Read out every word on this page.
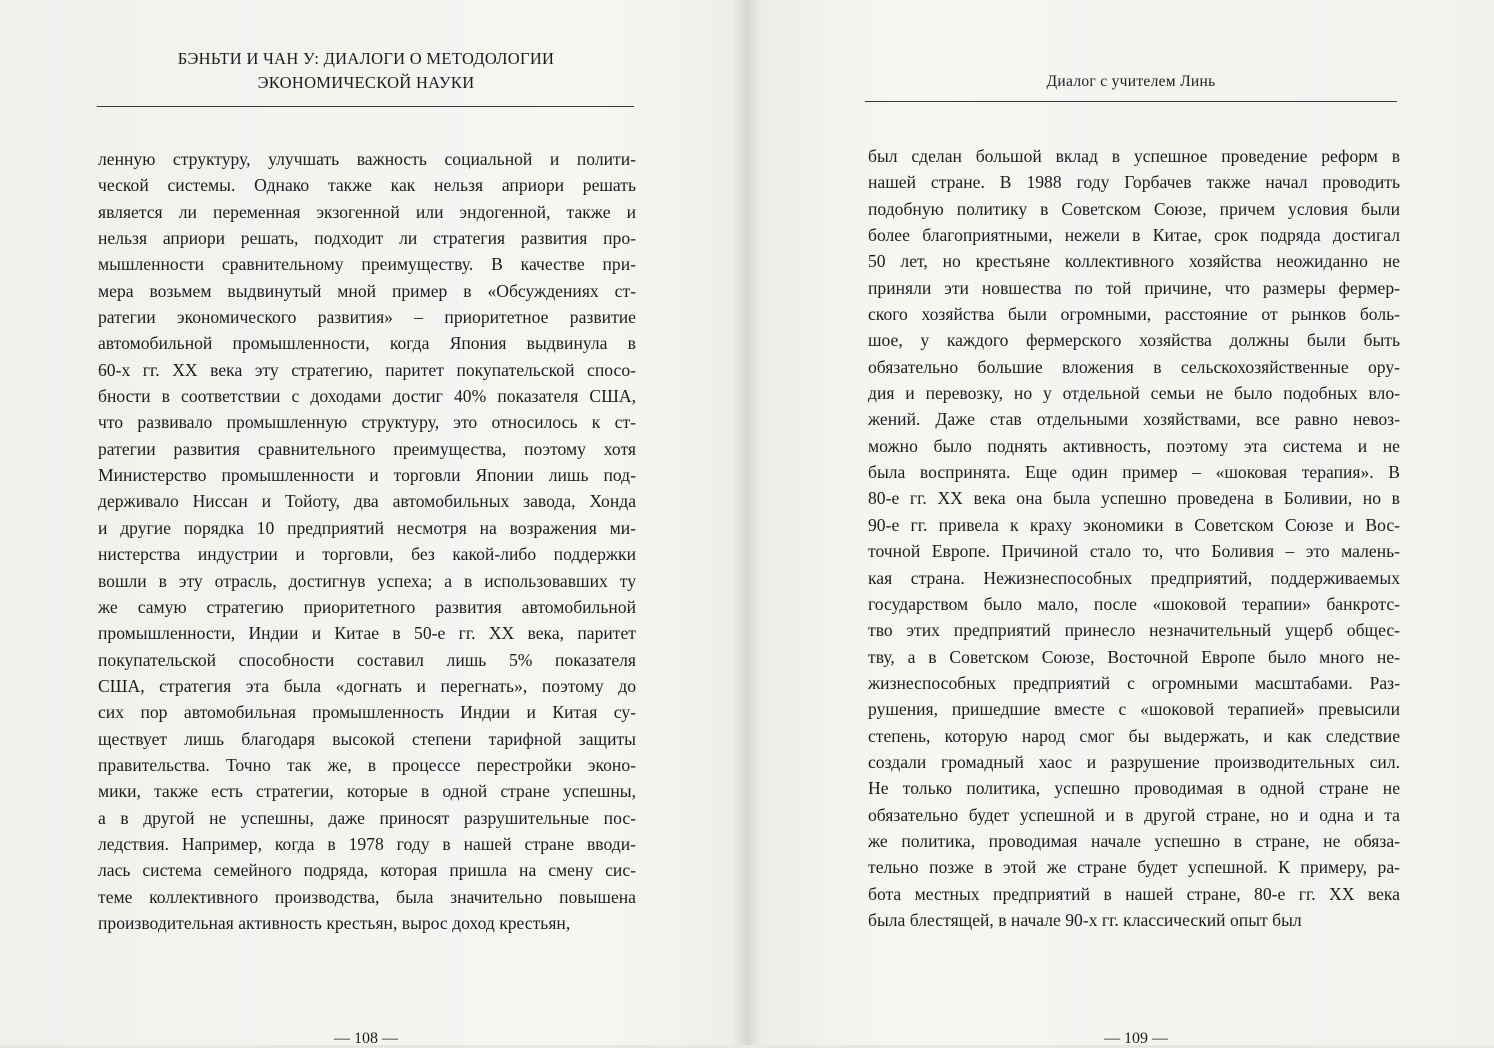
БЭНЬТИ И ЧАН У: ДИАЛОГИ О МЕТОДОЛОГИИ
ЭКОНОМИЧЕСКОЙ НАУКИ
ленную структуру, улучшать важность социальной и полити-
ческой системы. Однако также как нельзя априори решать
является ли переменная экзогенной или эндогенной, также и
нельзя априори решать, подходит ли стратегия развития про-
мышленности сравнительному преимуществу. В качестве при-
мера возьмем выдвинутый мной пример в «Обсуждениях ст-
ратегии экономического развития» – приоритетное развитие
автомобильной промышленности, когда Япония выдвинула в
60-х гг. XX века эту стратегию, паритет покупательской спосо-
бности в соответствии с доходами достиг 40% показателя США,
что развивало промышленную структуру, это относилось к ст-
ратегии развития сравнительного преимущества, поэтому хотя
Министерство промышленности и торговли Японии лишь под-
держивало Ниссан и Тойоту, два автомобильных завода, Хонда
и другие порядка 10 предприятий несмотря на возражения ми-
нистерства индустрии и торговли, без какой-либо поддержки
вошли в эту отрасль, достигнув успеха; а в использовавших ту
же самую стратегию приоритетного развития автомобильной
промышленности, Индии и Китае в 50-е гг. XX века, паритет
покупательской способности составил лишь 5% показателя
США, стратегия эта была «догнать и перегнать», поэтому до
сих пор автомобильная промышленность Индии и Китая су-
ществует лишь благодаря высокой степени тарифной защиты
правительства. Точно так же, в процессе перестройки эконо-
мики, также есть стратегии, которые в одной стране успешны,
а в другой не успешны, даже приносят разрушительные пос-
ледствия. Например, когда в 1978 году в нашей стране вводи-
лась система семейного подряда, которая пришла на смену сис-
теме коллективного производства, была значительно повышена
производительная активность крестьян, вырос доход крестьян,
— 108 —
Диалог с учителем Линь
был сделан большой вклад в успешное проведение реформ в
нашей стране. В 1988 году Горбачев также начал проводить
подобную политику в Советском Союзе, причем условия были
более благоприятными, нежели в Китае, срок подряда достигал
50 лет, но крестьяне коллективного хозяйства неожиданно не
приняли эти новшества по той причине, что размеры фермер-
ского хозяйства были огромными, расстояние от рынков боль-
шое, у каждого фермерского хозяйства должны были быть
обязательно большие вложения в сельскохозяйственные ору-
дия и перевозку, но у отдельной семьи не было подобных вло-
жений. Даже став отдельными хозяйствами, все равно невоз-
можно было поднять активность, поэтому эта система и не
была воспринята. Еще один пример – «шоковая терапия». В
80-е гг. XX века она была успешно проведена в Боливии, но в
90-е гг. привела к краху экономики в Советском Союзе и Вос-
точной Европе. Причиной стало то, что Боливия – это малень-
кая страна. Нежизнеспособных предприятий, поддерживаемых
государством было мало, после «шоковой терапии» банкротс-
тво этих предприятий принесло незначительный ущерб общес-
тву, а в Советском Союзе, Восточной Европе было много не-
жизнеспособных предприятий с огромными масштабами. Раз-
рушения, пришедшие вместе с «шоковой терапией» превысили
степень, которую народ смог бы выдержать, и как следствие
создали громадный хаос и разрушение производительных сил.
Не только политика, успешно проводимая в одной стране не
обязательно будет успешной и в другой стране, но и одна и та
же политика, проводимая начале успешно в стране, не обяза-
тельно позже в этой же стране будет успешной. К примеру, ра-
бота местных предприятий в нашей стране, 80-е гг. XX века
была блестящей, в начале 90-х гг. классический опыт был
— 109 —
